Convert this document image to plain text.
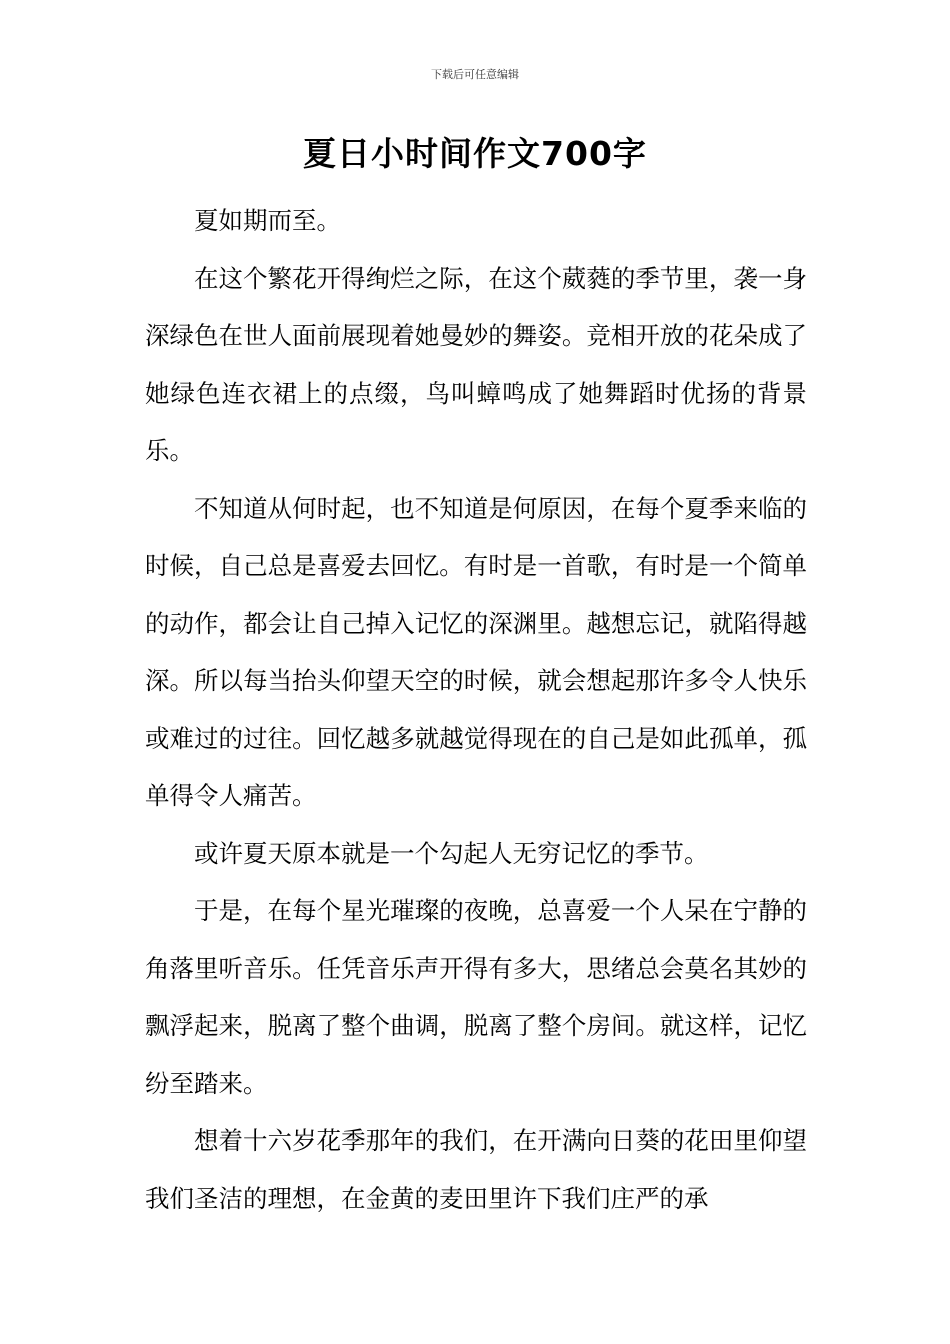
下载后可任意编辑
夏日小时间作文700字

夏如期而至。

在这个繁花开得绚烂之际，在这个葳蕤的季节里，袭一身深绿色在世人面前展现着她曼妙的舞姿。竞相开放的花朵成了她绿色连衣裙上的点缀，鸟叫蟑鸣成了她舞蹈时优扬的背景乐。

不知道从何时起，也不知道是何原因，在每个夏季来临的时候，自己总是喜爱去回忆。有时是一首歌，有时是一个简单的动作，都会让自己掉入记忆的深渊里。越想忘记，就陷得越深。所以每当抬头仰望天空的时候，就会想起那许多令人快乐或难过的过往。回忆越多就越觉得现在的自己是如此孤单，孤单得令人痛苦。

或许夏天原本就是一个勾起人无穷记忆的季节。

于是，在每个星光璀璨的夜晚，总喜爱一个人呆在宁静的角落里听音乐。任凭音乐声开得有多大，思绪总会莫名其妙的飘浮起来，脱离了整个曲调，脱离了整个房间。就这样，记忆纷至踏来。

想着十六岁花季那年的我们，在开满向日葵的花田里仰望我们圣洁的理想，在金黄的麦田里许下我们庄严的承
